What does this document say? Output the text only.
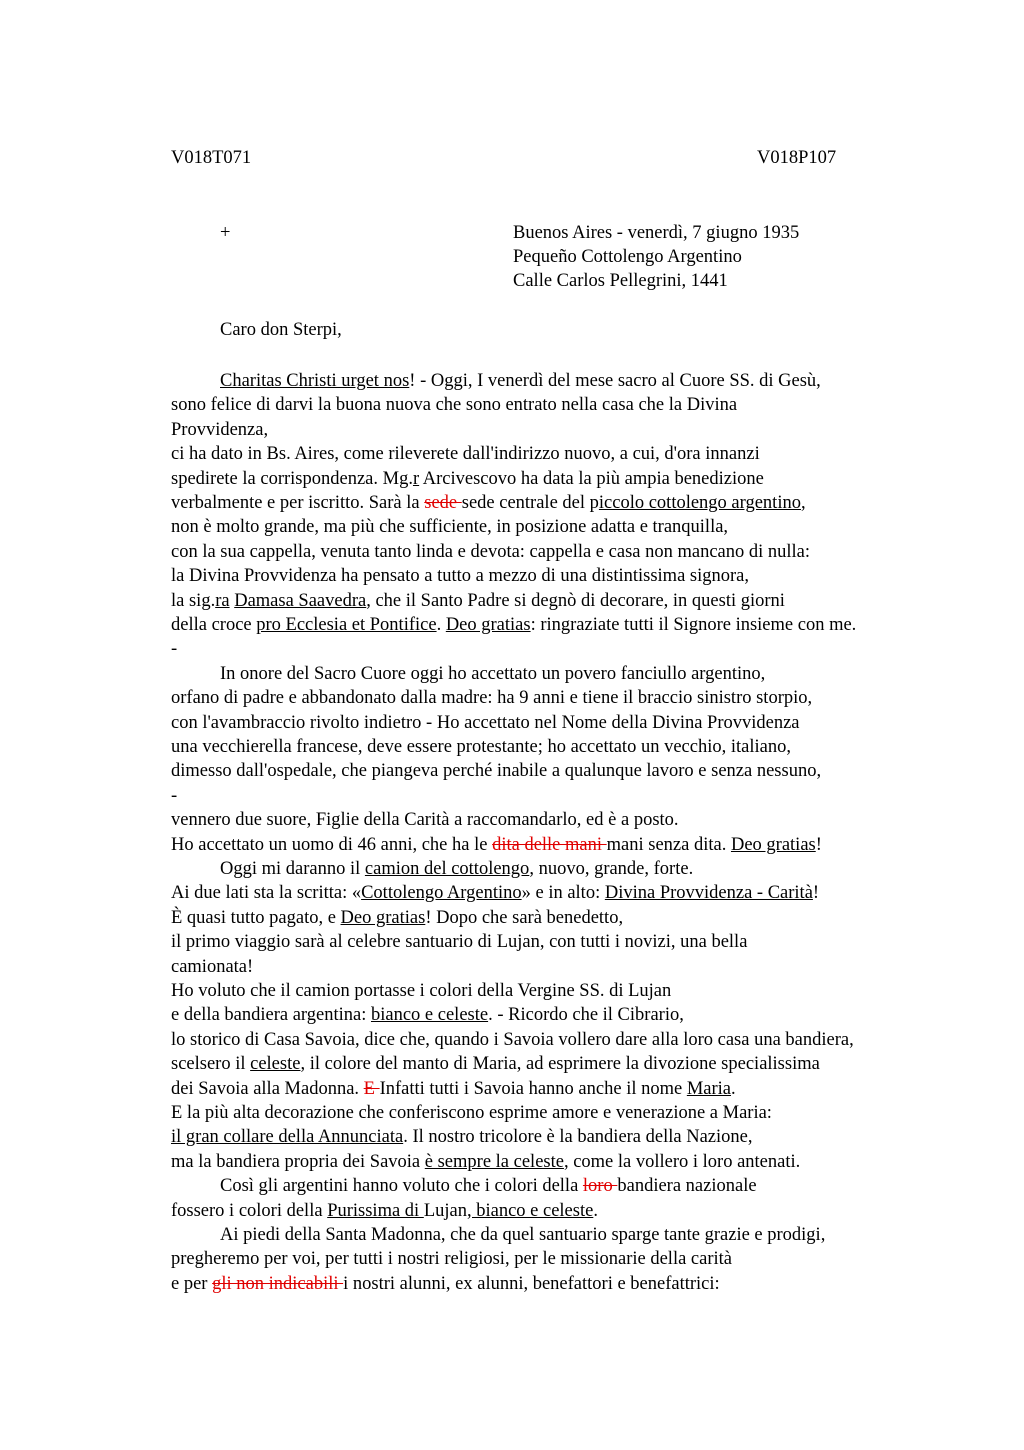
V018T071	V018P107
+	Buenos Aires - venerdì, 7 giugno 1935
Pequeño Cottolengo Argentino
Calle Carlos Pellegrini, 1441
Caro don Sterpi,
Charitas Christi urget nos! - Oggi, I venerdì del mese sacro al Cuore SS. di Gesù,
sono felice di darvi la buona nuova che sono entrato nella casa che la Divina
Provvidenza,
ci ha dato in Bs. Aires, come rileverete dall'indirizzo nuovo, a cui, d'ora innanzi
spedirete la corrispondenza. Mg.r Arcivescovo ha data la più ampia benedizione
verbalmente e per iscritto. Sarà la sede sede centrale del piccolo cottolengo argentino,
non è molto grande, ma più che sufficiente, in posizione adatta e tranquilla,
con la sua cappella, venuta tanto linda e devota: cappella e casa non mancano di nulla:
la Divina Provvidenza ha pensato a tutto a mezzo di una distintissima signora,
la sig.ra Damasa Saavedra, che il Santo Padre si degnò di decorare, in questi giorni
della croce pro Ecclesia et Pontifice. Deo gratias: ringraziate tutti il Signore insieme con me.
-
In onore del Sacro Cuore oggi ho accettato un povero fanciullo argentino,
orfano di padre e abbandonato dalla madre: ha 9 anni e tiene il braccio sinistro storpio,
con l'avambraccio rivolto indietro - Ho accettato nel Nome della Divina Provvidenza
una vecchierella francese, deve essere protestante; ho accettato un vecchio, italiano,
dimesso dall'ospedale, che piangeva perché inabile a qualunque lavoro e senza nessuno,
-
vennero due suore, Figlie della Carità a raccomandarlo, ed è a posto.
Ho accettato un uomo di 46 anni, che ha le dita delle mani mani senza dita. Deo gratias!
Oggi mi daranno il camion del cottolengo, nuovo, grande, forte.
Ai due lati sta la scritta: «Cottolengo Argentino» e in alto: Divina Provvidenza - Carità!
È quasi tutto pagato, e Deo gratias! Dopo che sarà benedetto,
il primo viaggio sarà al celebre santuario di Lujan, con tutti i novizi, una bella
camionata!
Ho voluto che il camion portasse i colori della Vergine SS. di Lujan
e della bandiera argentina: bianco e celeste. - Ricordo che il Cibrario,
lo storico di Casa Savoia, dice che, quando i Savoia vollero dare alla loro casa una bandiera,
scelsero il celeste, il colore del manto di Maria, ad esprimere la divozione specialissima
dei Savoia alla Madonna. E Infatti tutti i Savoia hanno anche il nome Maria.
E la più alta decorazione che conferiscono esprime amore e venerazione a Maria:
il gran collare della Annunciata. Il nostro tricolore è la bandiera della Nazione,
ma la bandiera propria dei Savoia è sempre la celeste, come la vollero i loro antenati.
Così gli argentini hanno voluto che i colori della loro bandiera nazionale
fossero i colori della Purissima di Lujan, bianco e celeste.
Ai piedi della Santa Madonna, che da quel santuario sparge tante grazie e prodigi,
pregheremo per voi, per tutti i nostri religiosi, per le missionarie della carità
e per gli non indicabili i nostri alunni, ex alunni, benefattori e benefattrici:
